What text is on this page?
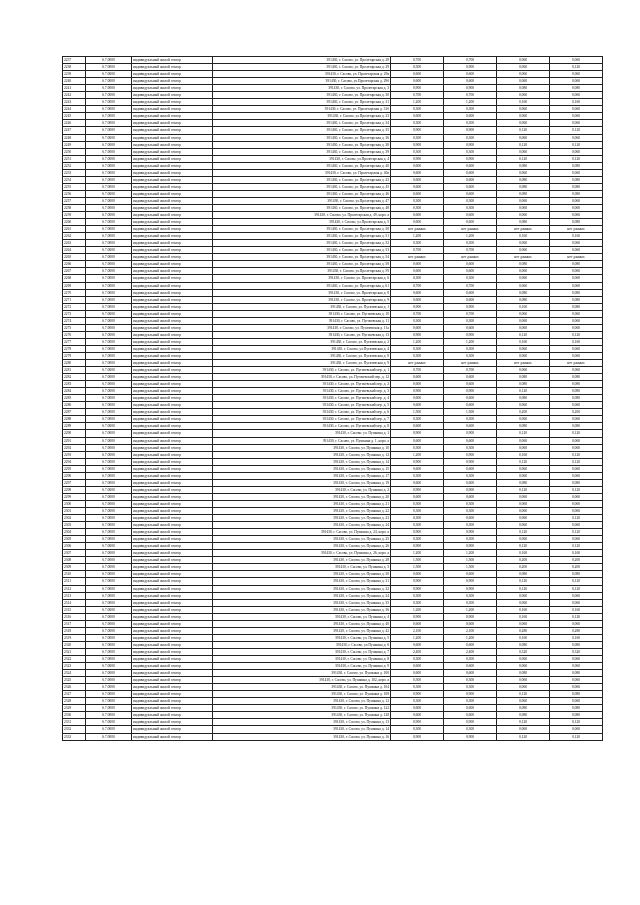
2237	6.7.0000	индивидуальный жилой сектор	391430, г. Сасово, ул. Пролетарская д. 28	0,700	0,700	0,060	0,060
2238	6.7.0000	индивидуальный жилой сектор	391430, г. Сасово, ул. Пролетарская д. 29	0,500	0,900	0,060	0,120
2239	6.7.0000	индивидуальный жилой сектор	391430, г. Сасово, ул. Пролетарская д. 29а	0,600	0,600	0,060	0,060
2240	6.7.0000	индивидуальный жилой сектор	391430, г. Сасово, ул.Пролетарская д. 29б	0,600	0,600	0,060	0,060
2241	6.7.0000	индивидуальный жилой сектор	391430, г. Сасово, ул. Пролетарская д. 3	0,900	0,900	0,080	0,080
2242	6.7.0000	индивидуальный жилой сектор	391430, г. Сасово, ул. Пролетарская д. 30	0,700	0,700	0,060	0,060
2243	6.7.0000	индивидуальный жилой сектор	391430, г. Сасово, ул. Пролетарская д. 31	1,200	1,200	0,160	0,160
2244	6.7.0000	индивидуальный жилой сектор	391430, г. Сасово, ул. Пролетарская д. 31б	0,300	0,300	0,060	0,060
2245	6.7.0000	индивидуальный жилой сектор	391430, г. Сасово, ул.Пролетарская д. 33	0,600	0,600	0,060	0,060
2246	6.7.0000	индивидуальный жилой сектор	391430, г. Сасово, ул. Пролетарская д. 34	0,300	0,300	0,060	0,060
2247	6.7.0000	индивидуальный жилой сектор	391430, г. Сасово, ул. Пролетарская д. 35	0,900	0,900	0,120	0,120
2248	6.7.0000	индивидуальный жилой сектор	391430, г. Сасово, ул. Пролетарская д. 36	0,300	0,300	0,060	0,060
2249	6.7.0000	индивидуальный жилой сектор	391430, г. Сасово, ул. Пролетарская д. 38	0,900	0,900	0,120	0,120
2250	6.7.0000	индивидуальный жилой сектор	391430, г. Сасово, ул. Пролетарская д. 39	0,300	0,300	0,060	0,060
2251	6.7.0000	индивидуальный жилой сектор	391430, г. Сасово, ул.Пролетарская д. 4	0,900	0,900	0,120	0,120
2252	6.7.0000	индивидуальный жилой сектор	391430, г. Сасово, ул. Пролетарская д. 40	0,600	0,600	0,080	0,080
2253	6.7.0000	индивидуальный жилой сектор	391430, г. Сасово, ул. Пролетарская д. 40а	0,600	0,600	0,060	0,060
2254	6.7.0000	индивидуальный жилой сектор	391430, г. Сасово, ул. Пролетарская д. 43	0,600	0,600	0,080	0,080
2255	6.7.0000	индивидуальный жилой сектор	391430, г. Сасово, ул. Пролетарская д. 45	0,600	0,600	0,080	0,080
2256	6.7.0000	индивидуальный жилой сектор	391430, г. Сасово, ул. Пролетарская д. 46	0,600	0,600	0,080	0,080
2257	6.7.0000	индивидуальный жилой сектор	391430, г. Сасово, ул.Пролетарская д. 47	0,300	0,300	0,060	0,060
2258	6.7.0000	индивидуальный жилой сектор	391430, г. Сасово, ул. Пролетарская д. 48	0,300	0,300	0,060	0,060
2259	6.7.0000	индивидуальный жилой сектор	391430, г. Сасово, ул. Пролетарская д. 49, корп. а	0,600	0,600	0,060	0,060
2260	6.7.0000	индивидуальный жилой сектор	391430, г. Сасово, ул.Пролетарская д. 5	0,600	0,600	0,080	0,080
2261	6.7.0000	индивидуальный жилой сектор	391430, г. Сасово, ул. Пролетарская д. 50	нет данных	нет данных	нет данных	нет данных
2262	6.7.0000	индивидуальный жилой сектор	391430, г. Сасово, ул. Пролетарская д. 51	1,200	1,200	0,160	0,160
2263	6.7.0000	индивидуальный жилой сектор	391430, г. Сасово, ул. Пролетарская д. 52	0,300	0,300	0,060	0,060
2264	6.7.0000	индивидуальный жилой сектор	391430, г. Сасово, ул. Пролетарская д. 53	0,700	0,700	0,060	0,060
2265	6.7.0000	индивидуальный жилой сектор	391430, г. Сасово, ул. Пролетарская д. 54	нет данных	нет данных	нет данных	нет данных
2266	6.7.0000	индивидуальный жилой сектор	391430, г. Сасово, ул. Пролетарская д. 58	0,600	0,600	0,080	0,080
2267	6.7.0000	индивидуальный жилой сектор	391430, г. Сасово, ул.Пролетарская д. 59	0,600	0,600	0,060	0,060
2268	6.7.0000	индивидуальный жилой сектор	391430, г. Сасово, ул. Пролетарская д. 6	0,300	0,300	0,060	0,060
2269	6.7.0000	индивидуальный жилой сектор	391430, г. Сасово, ул. Пролетарская д. 61	0,700	0,700	0,060	0,060
2270	6.7.0000	индивидуальный жилой сектор	391430, г. Сасово, ул. Пролетарская д. 8	0,600	0,600	0,080	0,080
2271	6.7.0000	индивидуальный жилой сектор	391430, г. Сасово, ул. Пролетарская д. 9	0,600	0,600	0,080	0,080
2272	6.7.0000	индивидуальный жилой сектор	391430, г. Сасово, ул. Пугачевская д. 1	0,900	0,900	0,160	0,080
2273	6.7.0000	индивидуальный жилой сектор	391430, г. Сасово, ул. Пугачевская д. 10	0,700	0,700	0,060	0,060
2274	6.7.0000	индивидуальный жилой сектор	391430, г. Сасово, ул. Пугачевская д. 11	0,300	0,300	0,060	0,060
2275	6.7.0000	индивидуальный жилой сектор	391430, г. Сасово, ул. Пугачевская д. 11а	0,600	0,600	0,060	0,060
2276	6.7.0000	индивидуальный жилой сектор	391430, г. Сасово, ул. Пугачевская д. 13	0,900	0,900	0,120	0,120
2277	6.7.0000	индивидуальный жилой сектор	391430, г. Сасово, ул. Пугачевская д. 2	1,200	1,200	0,160	0,160
2278	6.7.0000	индивидуальный жилой сектор	391430, г. Сасово, ул.Пугачевская д. 4	0,300	0,300	0,060	0,060
2279	6.7.0000	индивидуальный жилой сектор	391430, г. Сасово, ул. Пугачевская д. 8	0,300	0,300	0,060	0,060
2280	6.7.0000	индивидуальный жилой сектор	391430, г. Сасово, ул. Пугачевская д. 9	нет данных	нет данных	нет данных	нет данных
2281	6.7.0000	индивидуальный жилой сектор	391430, г. Сасово, ул. Пугачевский пер. д. 1	0,700	0,700	0,060	0,060
2282	6.7.0000	индивидуальный жилой сектор	391430, г. Сасово, ул. Пугачевский пер. д. 12	0,600	0,600	0,080	0,080
2283	6.7.0000	индивидуальный жилой сектор	391430, г. Сасово, ул. Пугачевский пер. д. 2	0,600	0,600	0,080	0,080
2284	6.7.0000	индивидуальный жилой сектор	391430, г. Сасово, ул. Пугачевский пер. д. 3	0,900	0,900	0,120	0,080
2285	6.7.0000	индивидуальный жилой сектор	391430, г. Сасово, ул. Пугачевский пер. д. 4	0,600	0,600	0,080	0,080
2286	6.7.0000	индивидуальный жилой сектор	391430, г. Сасово, ул. Пугачевский пер. д. 5	0,600	0,600	0,060	0,060
2287	6.7.0000	индивидуальный жилой сектор	391430, г. Сасово, ул. Пугачевский пер. д. 6	1,500	1,500	0,200	0,200
2288	6.7.0000	индивидуальный жилой сектор	391430, г. Сасово, ул. Пугачевский пер. д. 7	0,300	0,300	0,060	0,060
2289	6.7.0000	индивидуальный жилой сектор	391430, г. Сасово, ул. Пугачевский пер. д. 8	0,600	0,600	0,080	0,080
2290	6.7.0000	индивидуальный жилой сектор	391430, г. Сасово, ул. Пушкина д. 1	0,900	0,900	0,120	0,120
2291	6.7.0000	индивидуальный жилой сектор	391430, г. Сасово, ул. Пушкина д. 1, корп. а	0,600	0,600	0,060	0,060
2292	6.7.0000	индивидуальный жилой сектор	391430, г. Сасово, ул. Пушкина д. 10	0,300	0,300	0,060	0,060
2293	6.7.0000	индивидуальный жилой сектор	391430, г. Сасово, ул. Пушкина д. 12	1,200	0,900	0,160	0,120
2294	6.7.0000	индивидуальный жилой сектор	391430, г. Сасово, ул. Пушкина д. 14	0,900	0,900	0,120	0,120
2295	6.7.0000	индивидуальный жилой сектор	391430, г. Сасово, ул. Пушкина д. 15	0,600	0,600	0,060	0,060
2296	6.7.0000	индивидуальный жилой сектор	391430, г. Сасово, ул. Пушкина д. 17	0,300	0,300	0,060	0,060
2297	6.7.0000	индивидуальный жилой сектор	391430, г. Сасово, ул. Пушкина д. 19	0,600	0,600	0,080	0,080
2298	6.7.0000	индивидуальный жилой сектор	391430, г. Сасово, ул. Пушкина д. 2	0,900	0,900	0,120	0,120
2299	6.7.0000	индивидуальный жилой сектор	391430, г. Сасово, ул. Пушкина д. 20	0,600	0,600	0,060	0,060
2300	6.7.0000	индивидуальный жилой сектор	391430, г. Сасово, ул. Пушкина д. 21	0,300	0,300	0,060	0,060
2301	6.7.0000	индивидуальный жилой сектор	391430, г. Сасово, ул. Пушкина д. 22	0,300	0,300	0,060	0,060
2302	6.7.0000	индивидуальный жилой сектор	391430, г. Сасово, ул. Пушкина д. 23	0,300	0,600	0,060	0,120
2303	6.7.0000	индивидуальный жилой сектор	391430, г. Сасово, ул. Пушкина д. 24	0,300	0,300	0,060	0,060
2304	6.7.0000	индивидуальный жилой сектор	391430, г. Сасово, ул. Пушкина д. 24, корп. а	0,900	0,900	0,120	0,120
2305	6.7.0000	индивидуальный жилой сектор	391430, г. Сасово, ул. Пушкина д. 25	0,300	0,300	0,060	0,060
2306	6.7.0000	индивидуальный жилой сектор	391430, г. Сасово, ул. Пушкина д. 26	0,900	0,900	0,120	0,120
2307	6.7.0000	индивидуальный жилой сектор	391430, г. Сасово, ул. Пушкина д. 26, корп. а	1,200	1,200	0,160	0,160
2308	6.7.0000	индивидуальный жилой сектор	391430, г. Сасово, ул. Пушкина д. 28	1,500	1,500	0,200	0,200
2309	6.7.0000	индивидуальный жилой сектор	391430, г. Сасово, ул. Пушкина д. 3	1,500	1,500	0,200	0,200
2310	6.7.0000	индивидуальный жилой сектор	391430, г. Сасово, ул. Пушкина д. 30	0,600	0,600	0,080	0,080
2311	6.7.0000	индивидуальный жилой сектор	391430, г. Сасово, ул. Пушкина д. 31	0,900	0,900	0,120	0,120
2312	6.7.0000	индивидуальный жилой сектор	391430, г. Сасово, ул. Пушкина д. 32	0,900	0,900	0,120	0,120
2313	6.7.0000	индивидуальный жилой сектор	391430, г. Сасово, ул. Пушкина д. 34	0,300	0,300	0,060	0,060
2314	6.7.0000	индивидуальный жилой сектор	391430, г. Сасово, ул. Пушкина д. 35	0,300	0,300	0,060	0,060
2315	6.7.0000	индивидуальный жилой сектор	391430, г. Сасово, ул. Пушкина д. 36	1,200	1,200	0,160	0,160
2316	6.7.0000	индивидуальный жилой сектор	391430, г. Сасово, ул. Пушкина д. 4	0,900	0,900	0,160	0,120
2317	6.7.0000	индивидуальный жилой сектор	391430, г. Сасово, ул. Пушкина д. 40	0,600	0,600	0,060	0,060
2318	6.7.0000	индивидуальный жилой сектор	391430, г. Сасово, ул. Пушкина д. 42	2,100	2,100	0,280	0,280
2319	6.7.0000	индивидуальный жилой сектор	391430, г. Сасово, ул. Пушкина д. 5	1,200	1,200	0,160	0,160
2320	6.7.0000	индивидуальный жилой сектор	391430, г. Сасово, ул.Пушкина д. 6	0,600	0,600	0,080	0,080
2321	6.7.0000	индивидуальный жилой сектор	391430, г. Сасово, ул. Пушкина д. 7	2,400	2,400	0,320	0,320
2322	6.7.0000	индивидуальный жилой сектор	391430, г. Сасово, ул. Пушкина д. 8	0,300	0,300	0,060	0,060
2323	6.7.0000	индивидуальный жилой сектор	391430, г. Сасово, ул. Пушкина д. 9	0,600	0,600	0,060	0,060
2324	6.7.0000	индивидуальный жилой сектор	391430, г. Сасово, ул. Пушкина д. 100	0,600	0,600	0,080	0,080
2325	6.7.0000	индивидуальный жилой сектор	391430, г. Сасово, ул. Пушкина д. 102, корп. а	0,300	0,300	0,060	0,060
2326	6.7.0000	индивидуальный жилой сектор	391430, г. Сасово, ул. Пушкина д. 104	0,300	0,300	0,060	0,060
2327	6.7.0000	индивидуальный жилой сектор	391430, г. Сасово, ул. Пушкина д. 108	0,900	0,900	0,120	0,080
2328	6.7.0000	индивидуальный жилой сектор	391430, г. Сасово, ул. Пушкина д. 12	0,300	0,300	0,060	0,060
2329	6.7.0000	индивидуальный жилой сектор	391430, г. Сасово, ул. Пушкина д. 122	0,600	0,600	0,080	0,080
2330	6.7.0000	индивидуальный жилой сектор	391430, г. Сасово, ул. Пушкина д. 128	0,600	0,600	0,080	0,080
2331	6.7.0000	индивидуальный жилой сектор	391430, г. Сасово, ул. Пушкина д. 13	0,900	0,900	0,120	0,120
2332	6.7.0000	индивидуальный жилой сектор	391430, г. Сасово, ул. Пушкина д. 14	0,300	0,300	0,060	0,060
2333	6.7.0000	индивидуальный жилой сектор	391430, г. Сасово, ул. Пушкина д. 16	0,900	0,900	0,120	0,120
